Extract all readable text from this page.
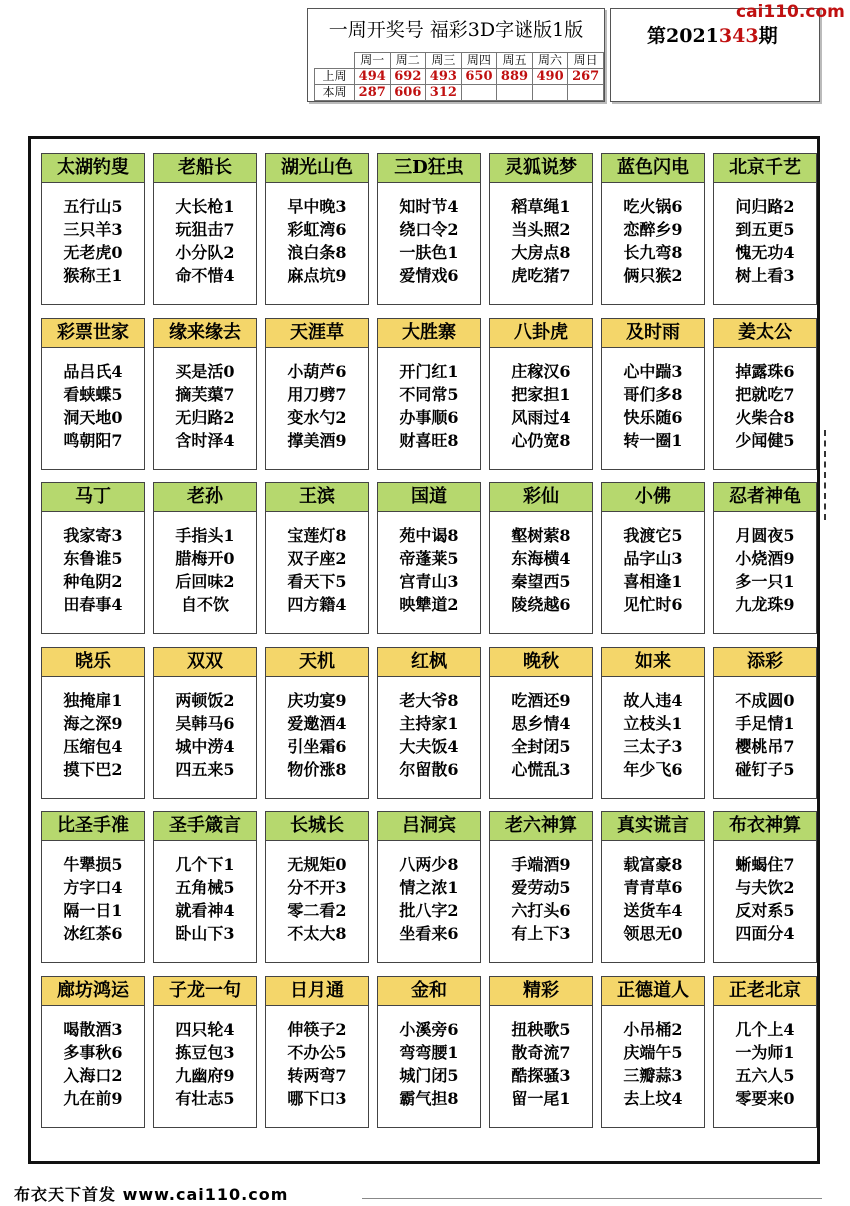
一周开奖号 福彩3D字谜版1版
	周一	周二	周三	周四	周五	周六	周日
上周	494	692	493	650	889	490	267
本周	287	606	312				
第2021343期
cai110.com
太湖钓叟
五行山5
三只羊3
无老虎0
猴称王1
老船长
大长枪1
玩狙击7
小分队2
命不惜4
湖光山色
早中晚3
彩虹湾6
浪白条8
麻点坑9
三D狂虫
知时节4
绕口令2
一肤色1
爱情戏6
灵狐说梦
稻草绳1
当头照2
大房点8
虎吃猪7
蓝色闪电
吃火锅6
恋醉乡9
长九弯8
俩只猴2
北京千艺
问归路2
到五更5
愧无功4
树上看3
彩票世家
品吕氏4
看蛱蝶5
洞天地0
鸣朝阳7
缘来缘去
买是活0
摘芙蕖7
无归路2
含时泽4
天涯草
小葫芦6
用刀劈7
变水勺2
撑美酒9
大胜寨
开门红1
不同常5
办事顺6
财喜旺8
八卦虎
庄稼汉6
把家担1
风雨过4
心仍宽8
及时雨
心中踹3
哥们多8
快乐随6
转一圈1
姜太公
掉露珠6
把就吃7
火柴合8
少闻健5
马丁
我家寄3
东鲁谁5
种龟阴2
田春事4
老孙
手指头1
腊梅开0
后回味2
自不饮
王滨
宝莲灯8
双子座2
看天下5
四方籍4
国道
苑中谒8
帝蓬莱5
宫青山3
映犨道2
彩仙
壑树萦8
东海横4
秦望西5
陵绕越6
小佛
我渡它5
品字山3
喜相逢1
见忙时6
忍者神龟
月圆夜5
小烧酒9
多一只1
九龙珠9
晓乐
独掩扉1
海之深9
压缩包4
摸下巴2
双双
两顿饭2
吴韩马6
城中涝4
四五来5
天机
庆功宴9
爱邀酒4
引坐霜6
物价涨8
红枫
老大爷8
主持家1
大夫饭4
尔留散6
晚秋
吃酒还9
思乡情4
全封闭5
心慌乱3
如来
故人违4
立枝头1
三太子3
年少飞6
添彩
不成圆0
手足情1
樱桃吊7
碰钉子5
比圣手准
牛犟损5
方字口4
隔一日1
冰红茶6
圣手箴言
几个下1
五角械5
就看神4
卧山下3
长城长
无规矩0
分不开3
零二看2
不太大8
吕洞宾
八两少8
情之浓1
批八字2
坐看来6
老六神算
手端酒9
爱劳动5
六打头6
有上下3
真实谎言
载富豪8
青青草6
送货车4
领思无0
布衣神算
蜥蝎住7
与夫饮2
反对系5
四面分4
廊坊鸿运
喝散酒3
多事秋6
入海口2
九在前9
子龙一句
四只轮4
拣豆包3
九幽府9
有壮志5
日月通
伸筷子2
不办公5
转两弯7
哪下口3
金和
小溪旁6
弯弯腰1
城门闭5
霸气担8
精彩
扭秧歌5
散奇流7
酷探骚3
留一尾1
正德道人
小吊桶2
庆端午5
三瓣蒜3
去上坟4
正老北京
几个上4
一为师1
五六人5
零要来0
布衣天下首发 www.cai110.com
